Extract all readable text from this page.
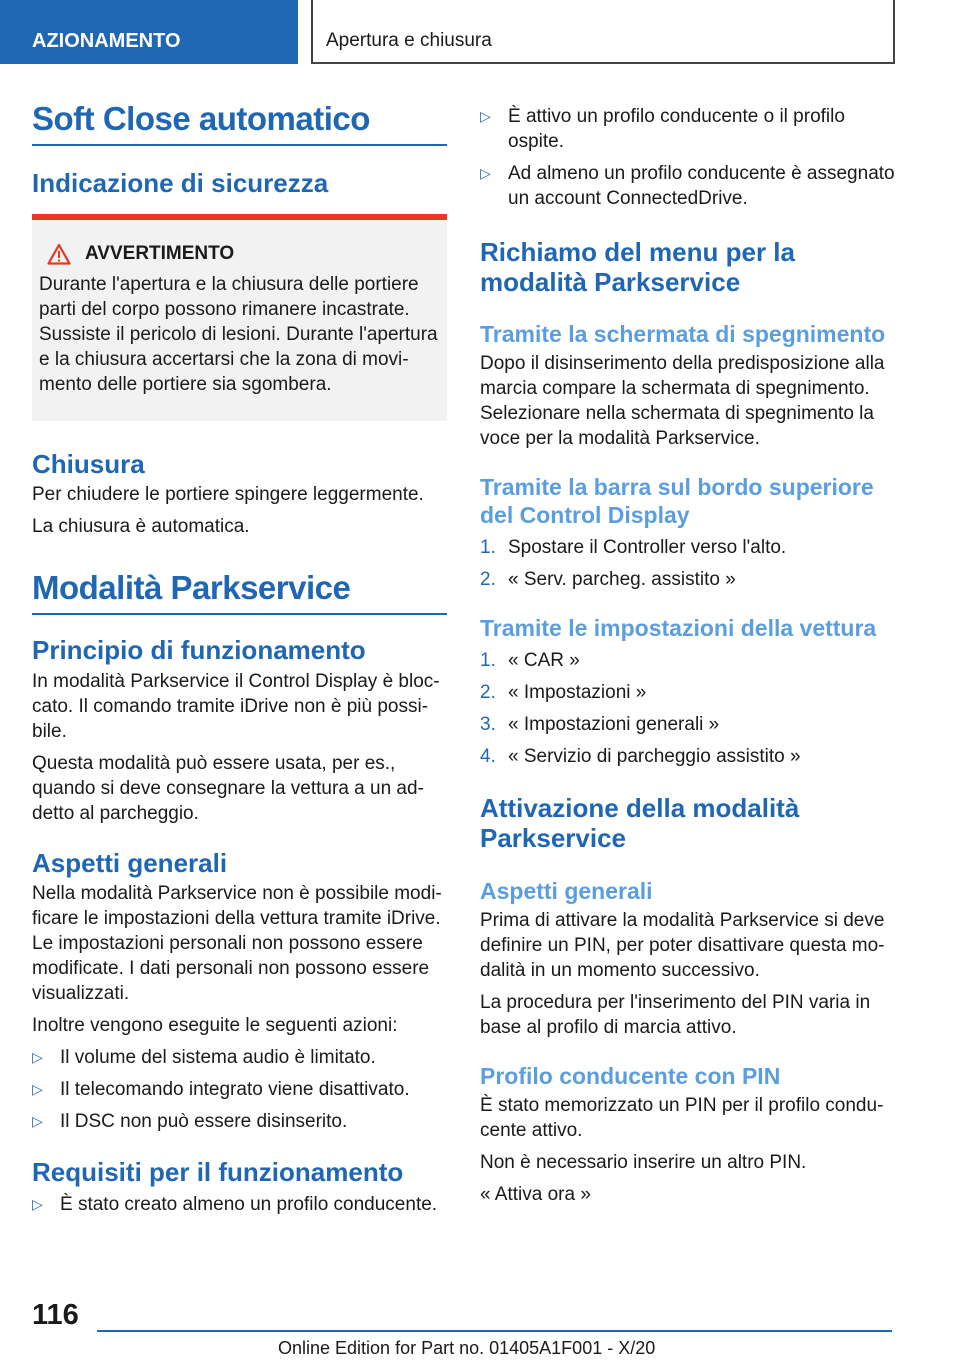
AZIONAMENTO	Apertura e chiusura
Soft Close automatico
Indicazione di sicurezza
AVVERTIMENTO

Durante l'apertura e la chiusura delle portiere parti del corpo possono rimanere incastrate. Sussiste il pericolo di lesioni. Durante l'apertura e la chiusura accertarsi che la zona di movimento delle portiere sia sgombera.

Chiusura

Per chiudere le portiere spingere leggermente.

La chiusura è automatica.

Modalità Parkservice
Principio di funzionamento

In modalità Parkservice il Control Display è bloccato. Il comando tramite iDrive non è più possibile.

Questa modalità può essere usata, per es., quando si deve consegnare la vettura a un addetto al parcheggio.

Aspetti generali

Nella modalità Parkservice non è possibile modificare le impostazioni della vettura tramite iDrive. Le impostazioni personali non possono essere modificate. I dati personali non possono essere visualizzati.

Inoltre vengono eseguite le seguenti azioni:

▷ Il volume del sistema audio è limitato.
▷ Il telecomando integrato viene disattivato.
▷ Il DSC non può essere disinserito.
Requisiti per il funzionamento
▷ È stato creato almeno un profilo conducente.
▷ È attivo un profilo conducente o il profilo ospite.
▷ Ad almeno un profilo conducente è assegnato un account ConnectedDrive.
Richiamo del menu per la modalità Parkservice
Tramite la schermata di spegnimento

Dopo il disinserimento della predisposizione alla marcia compare la schermata di spegnimento. Selezionare nella schermata di spegnimento la voce per la modalità Parkservice.

Tramite la barra sul bordo superiore del Control Display
1. Spostare il Controller verso l'alto.
2. « Serv. parcheg. assistito »
Tramite le impostazioni della vettura
1. « CAR »
2. « Impostazioni »
3. « Impostazioni generali »
4. « Servizio di parcheggio assistito »
Attivazione della modalità Parkservice
Aspetti generali

Prima di attivare la modalità Parkservice si deve definire un PIN, per poter disattivare questa modalità in un momento successivo.

La procedura per l'inserimento del PIN varia in base al profilo di marcia attivo.

Profilo conducente con PIN

È stato memorizzato un PIN per il profilo conducente attivo.

Non è necessario inserire un altro PIN.

« Attiva ora »

116
Online Edition for Part no. 01405A1F001 - X/20
